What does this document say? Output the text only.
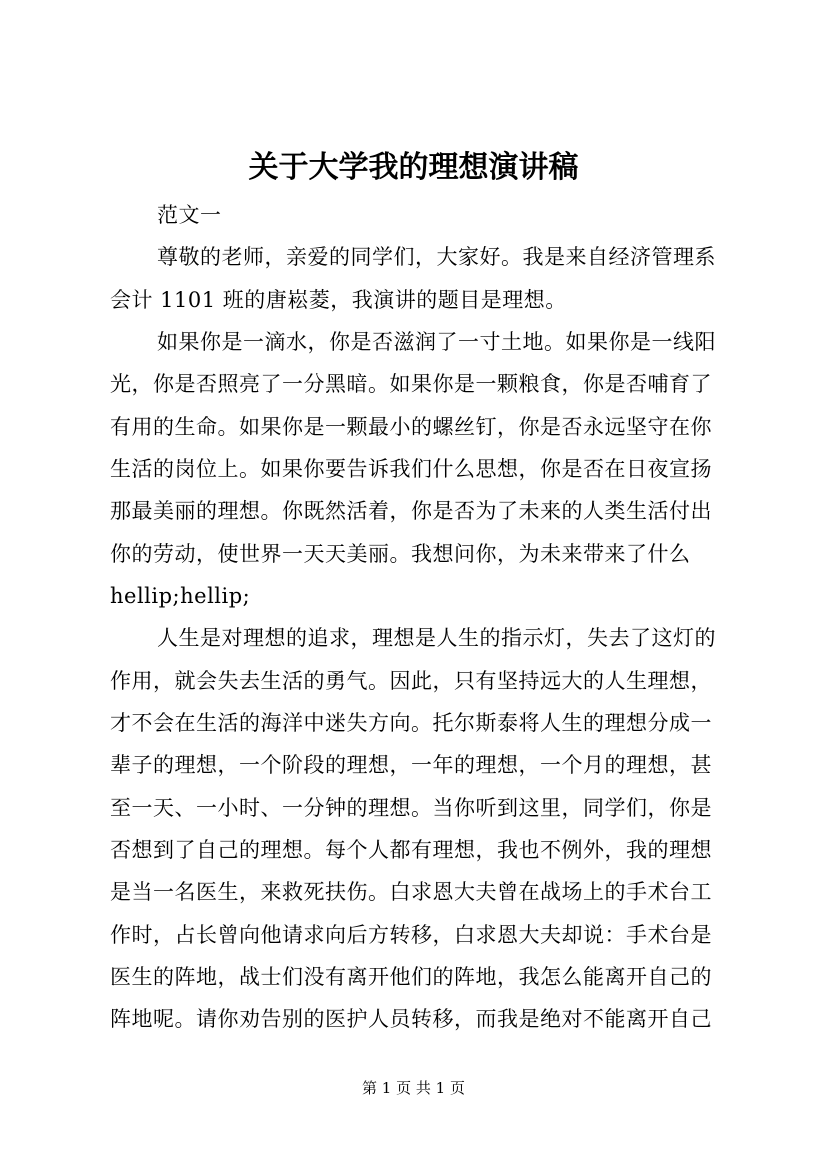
关于大学我的理想演讲稿
范文一
尊敬的老师，亲爱的同学们，大家好。我是来自经济管理系
会计 1101 班的唐崧菱，我演讲的题目是理想。
如果你是一滴水，你是否滋润了一寸土地。如果你是一线阳
光，你是否照亮了一分黑暗。如果你是一颗粮食，你是否哺育了
有用的生命。如果你是一颗最小的螺丝钉，你是否永远坚守在你
生活的岗位上。如果你要告诉我们什么思想，你是否在日夜宣扬
那最美丽的理想。你既然活着，你是否为了未来的人类生活付出
你的劳动，使世界一天天美丽。我想问你，为未来带来了什么
hellip;hellip;
人生是对理想的追求，理想是人生的指示灯，失去了这灯的
作用，就会失去生活的勇气。因此，只有坚持远大的人生理想，
才不会在生活的海洋中迷失方向。托尔斯泰将人生的理想分成一
辈子的理想，一个阶段的理想，一年的理想，一个月的理想，甚
至一天、一小时、一分钟的理想。当你听到这里，同学们，你是
否想到了自己的理想。每个人都有理想，我也不例外，我的理想
是当一名医生，来救死扶伤。白求恩大夫曾在战场上的手术台工
作时，占长曾向他请求向后方转移，白求恩大夫却说：手术台是
医生的阵地，战士们没有离开他们的阵地，我怎么能离开自己的
阵地呢。请你劝告别的医护人员转移，而我是绝对不能离开自己
第 1 页 共 1 页
